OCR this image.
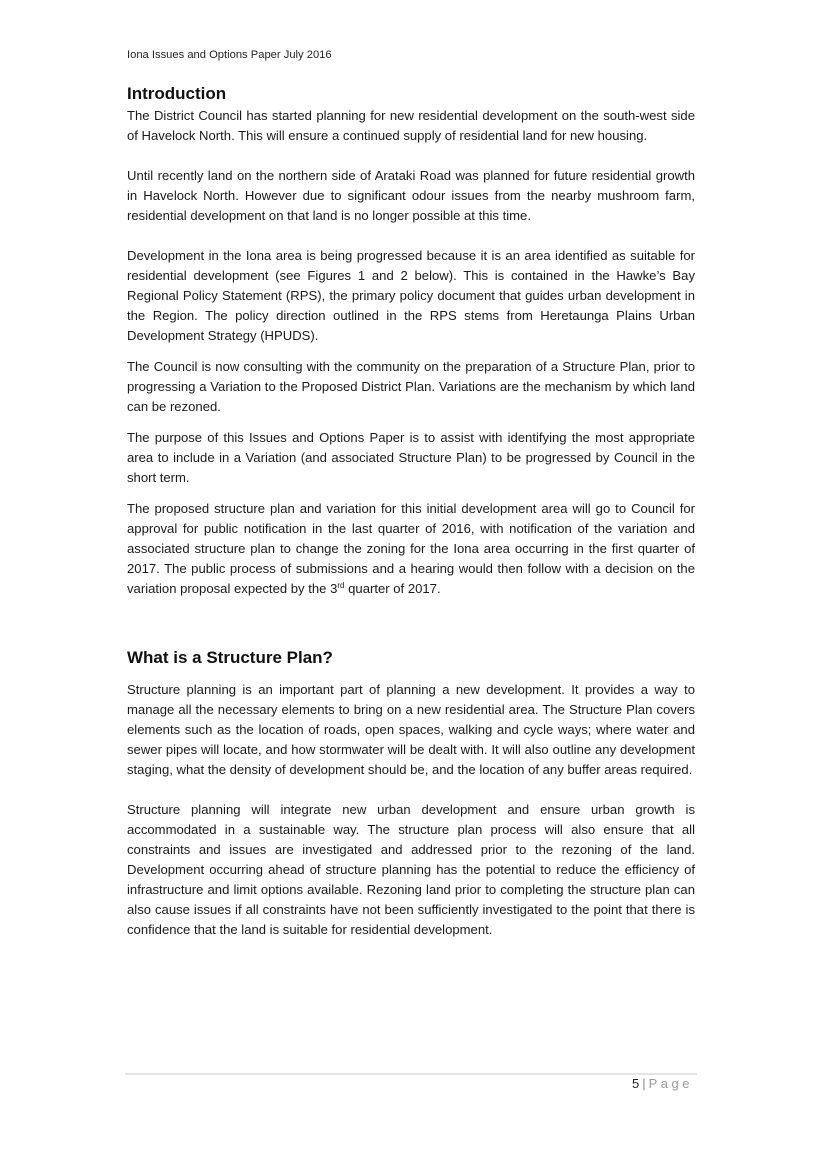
Iona Issues and Options Paper July 2016
Introduction

The District Council has started planning for new residential development on the south-west side of Havelock North. This will ensure a continued supply of residential land for new housing.

Until recently land on the northern side of Arataki Road was planned for future residential growth in Havelock North. However due to significant odour issues from the nearby mushroom farm, residential development on that land is no longer possible at this time.

Development in the Iona area is being progressed because it is an area identified as suitable for residential development (see Figures 1 and 2 below). This is contained in the Hawke’s Bay Regional Policy Statement (RPS), the primary policy document that guides urban development in the Region. The policy direction outlined in the RPS stems from Heretaunga Plains Urban Development Strategy (HPUDS).

The Council is now consulting with the community on the preparation of a Structure Plan, prior to progressing a Variation to the Proposed District Plan. Variations are the mechanism by which land can be rezoned.

The purpose of this Issues and Options Paper is to assist with identifying the most appropriate area to include in a Variation (and associated Structure Plan) to be progressed by Council in the short term.

The proposed structure plan and variation for this initial development area will go to Council for approval for public notification in the last quarter of 2016, with notification of the variation and associated structure plan to change the zoning for the Iona area occurring in the first quarter of 2017. The public process of submissions and a hearing would then follow with a decision on the variation proposal expected by the 3rd quarter of 2017.

What is a Structure Plan?

Structure planning is an important part of planning a new development. It provides a way to manage all the necessary elements to bring on a new residential area. The Structure Plan covers elements such as the location of roads, open spaces, walking and cycle ways; where water and sewer pipes will locate, and how stormwater will be dealt with. It will also outline any development staging, what the density of development should be, and the location of any buffer areas required.

Structure planning will integrate new urban development and ensure urban growth is accommodated in a sustainable way. The structure plan process will also ensure that all constraints and issues are investigated and addressed prior to the rezoning of the land. Development occurring ahead of structure planning has the potential to reduce the efficiency of infrastructure and limit options available. Rezoning land prior to completing the structure plan can also cause issues if all constraints have not been sufficiently investigated to the point that there is confidence that the land is suitable for residential development.

5 | Page
